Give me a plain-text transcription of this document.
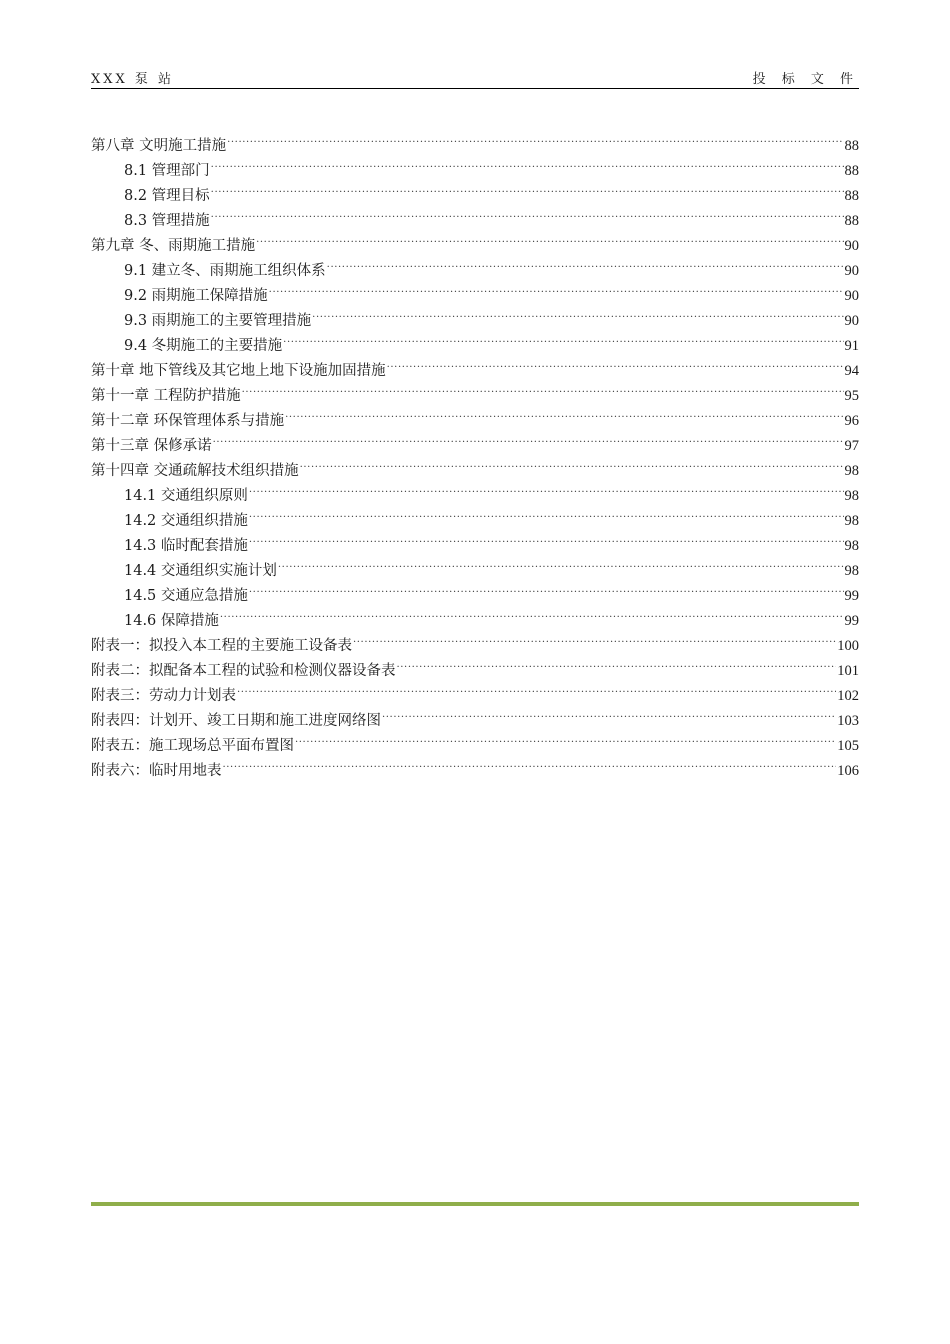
XXX 泵 站	投 标 文 件
第八章 文明施工措施 .....	88
8.1 管理部门 .....	88
8.2 管理目标 .....	88
8.3 管理措施 .....	88
第九章 冬、雨期施工措施 .....	90
9.1 建立冬、雨期施工组织体系 .....	90
9.2 雨期施工保障措施 .....	90
9.3 雨期施工的主要管理措施 .....	90
9.4 冬期施工的主要措施 .....	91
第十章 地下管线及其它地上地下设施加固措施 .....	94
第十一章 工程防护措施 .....	95
第十二章 环保管理体系与措施 .....	96
第十三章 保修承诺 .....	97
第十四章 交通疏解技术组织措施 .....	98
14.1 交通组织原则 .....	98
14.2 交通组织措施 .....	98
14.3 临时配套措施 .....	98
14.4 交通组织实施计划 .....	98
14.5 交通应急措施 .....	99
14.6 保障措施 .....	99
附表一：拟投入本工程的主要施工设备表 .....	100
附表二：拟配备本工程的试验和检测仪器设备表 .....	101
附表三：劳动力计划表 .....	102
附表四：计划开、竣工日期和施工进度网络图 .....	103
附表五：施工现场总平面布置图 .....	105
附表六：临时用地表 .....	106
